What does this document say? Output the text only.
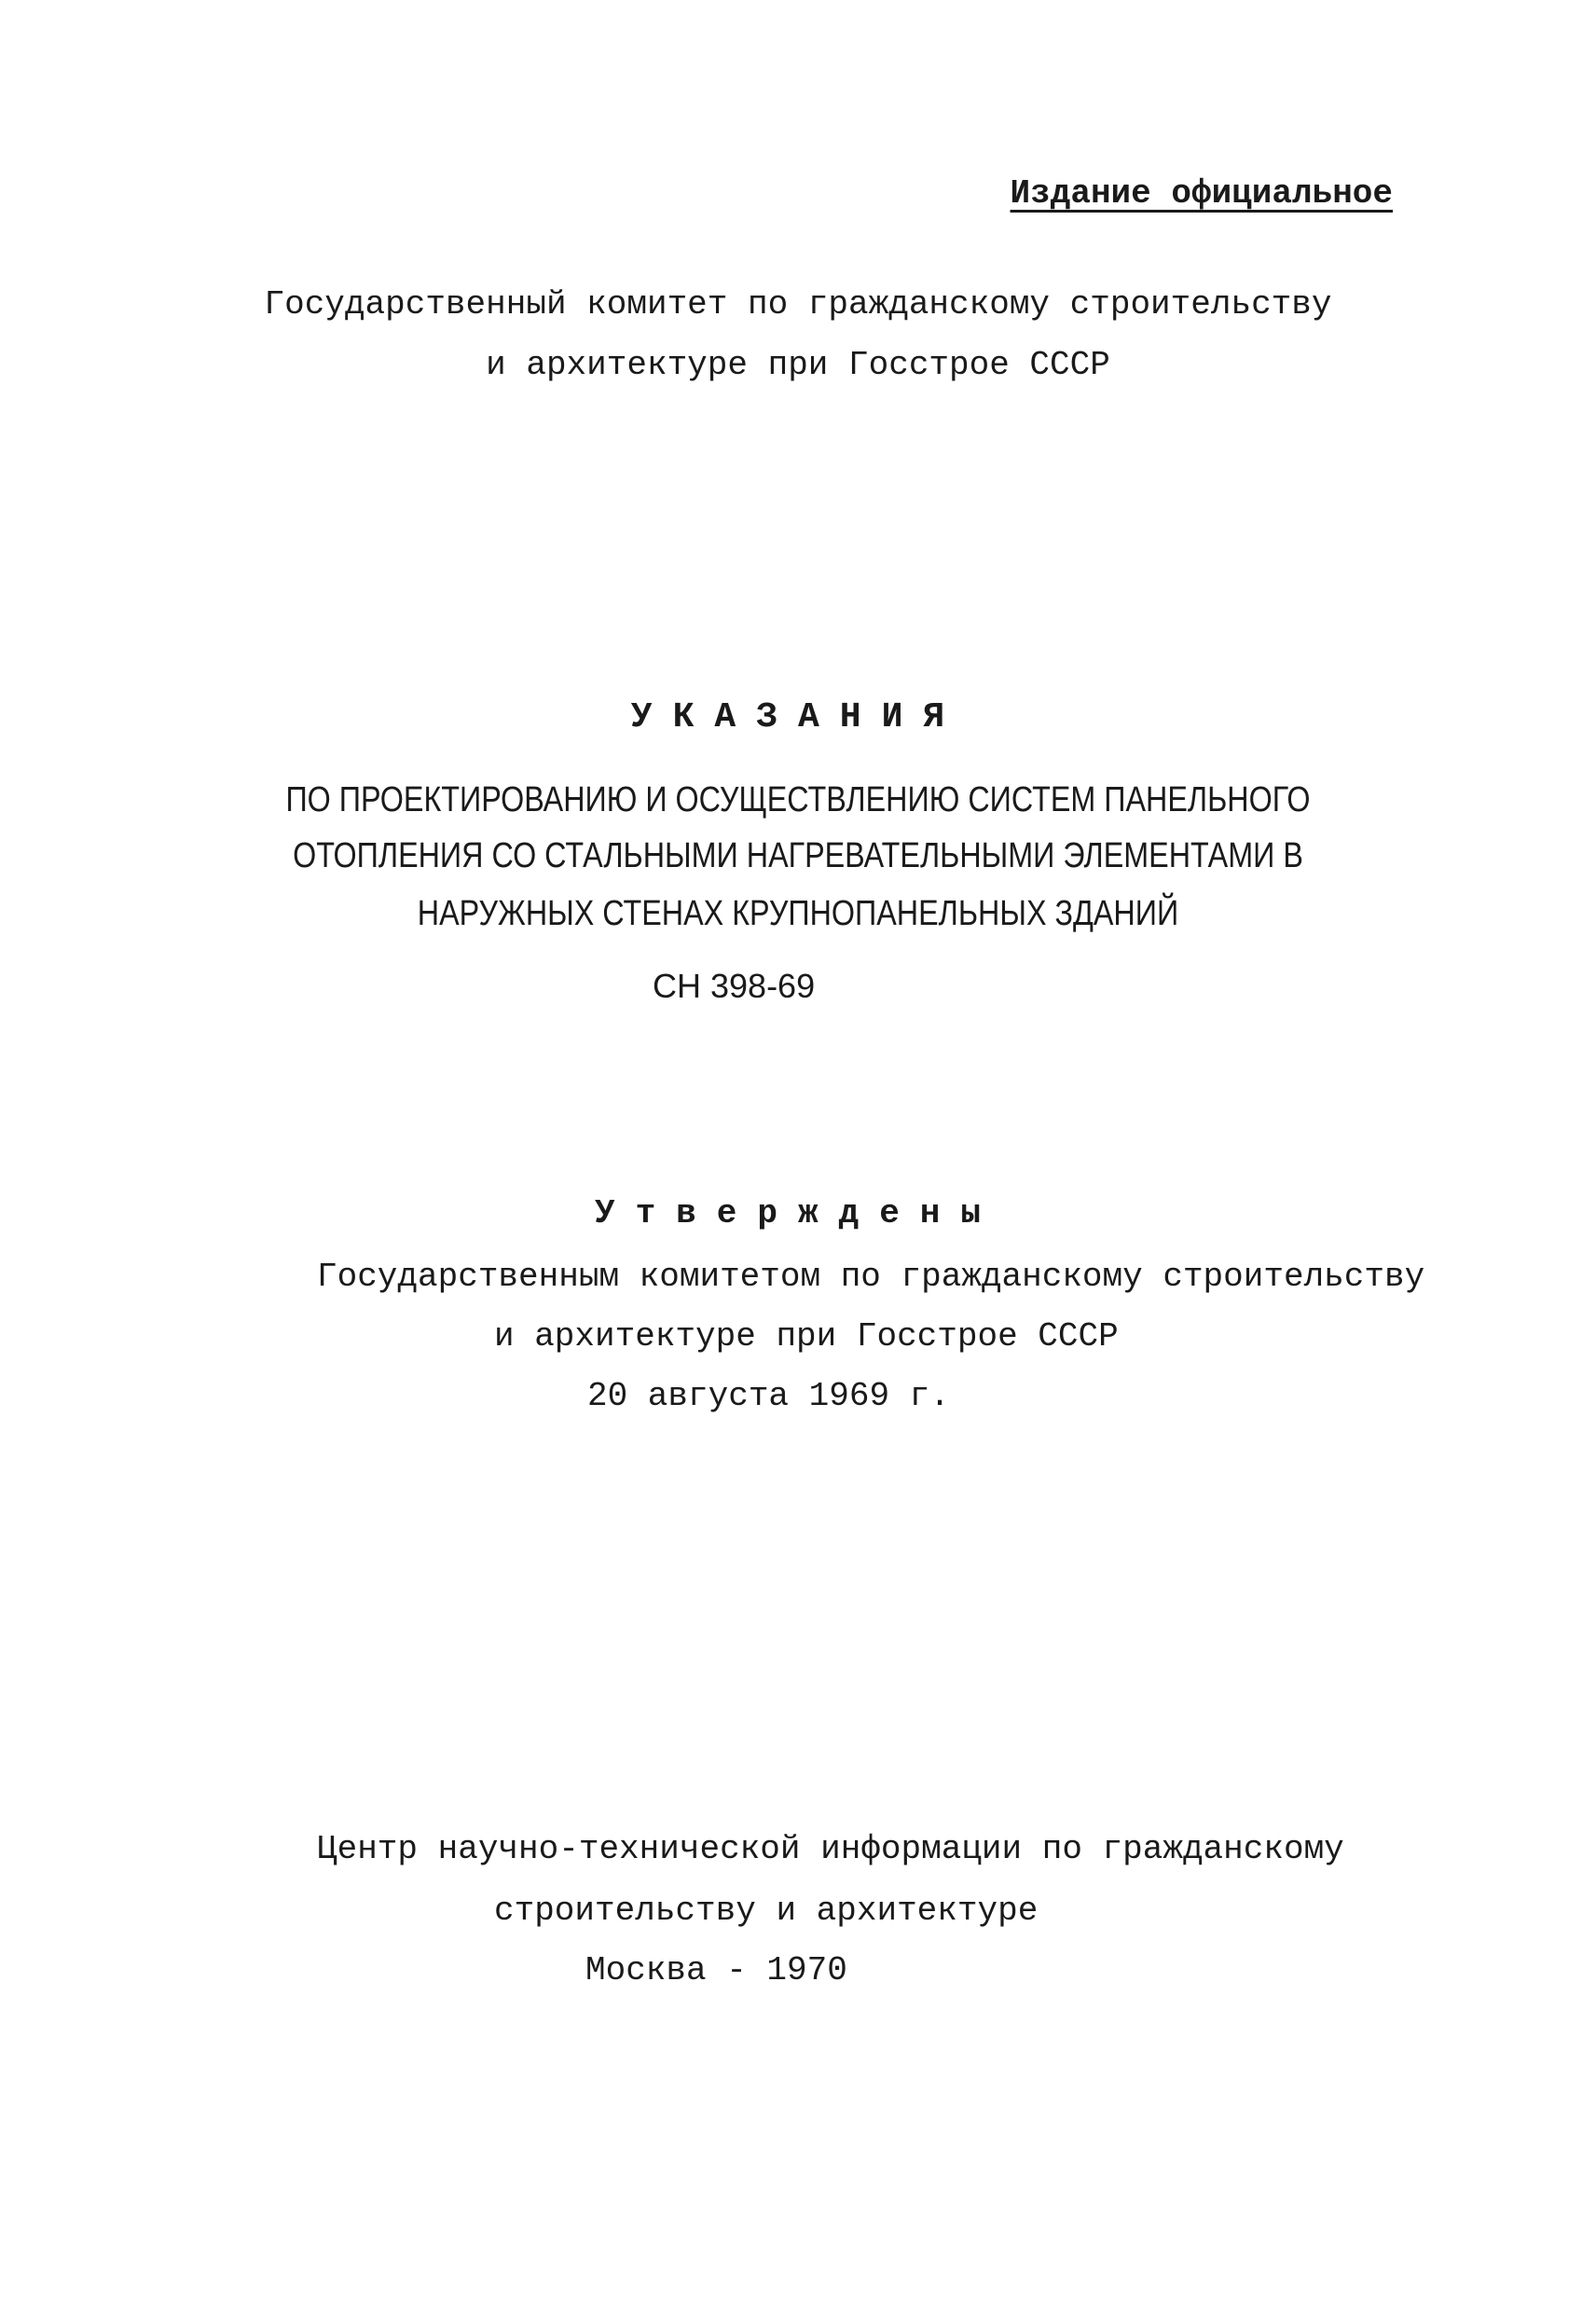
Издание официальное

Государственный комитет по гражданскому строительству

и архитектуре при Госстрое СССР

УКАЗАНИЯ

ПО ПРОЕКТИРОВАНИЮ И ОСУЩЕСТВЛЕНИЮ СИСТЕМ ПАНЕЛЬНОГО

ОТОПЛЕНИЯ СО СТАЛЬНЫМИ НАГРЕВАТЕЛЬНЫМИ ЭЛЕМЕНТАМИ В

НАРУЖНЫХ СТЕНАХ КРУПНОПАНЕЛЬНЫХ ЗДАНИЙ

СН 398-69

Утверждены

Государственным комитетом по гражданскому строительству

и архитектуре при Госстрое СССР

20 августа 1969 г.

Центр научно-технической информации по гражданскому

строительству и архитектуре

Москва - 1970
